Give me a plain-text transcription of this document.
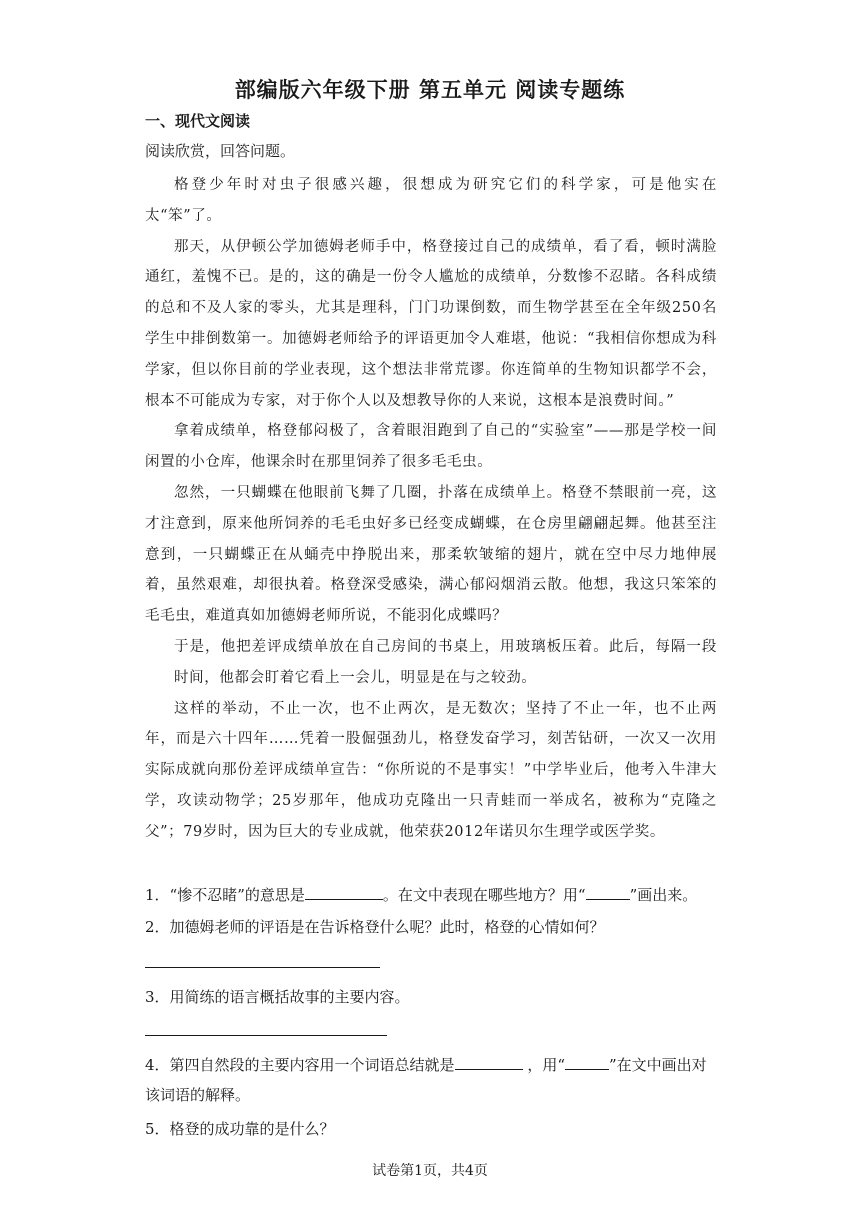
部编版六年级下册 第五单元 阅读专题练
一、现代文阅读
阅读欣赏，回答问题。

格登少年时对虫子很感兴趣，很想成为研究它们的科学家，可是他实在太“笨”了。

那天，从伊顿公学加德姆老师手中，格登接过自己的成绩单，看了看，顿时满脸通红，羞愧不已。是的，这的确是一份令人尴尬的成绩单，分数惨不忍睹。各科成绩的总和不及人家的零头，尤其是理科，门门功课倒数，而生物学甚至在全年级250名学生中排倒数第一。加德姆老师给予的评语更加令人难堪，他说：“我相信你想成为科学家，但以你目前的学业表现，这个想法非常荒谬。你连简单的生物知识都学不会，根本不可能成为专家，对于你个人以及想教导你的人来说，这根本是浪费时间。”

拿着成绩单，格登郁闷极了，含着眼泪跑到了自己的“实验室”——那是学校一间闲置的小仓库，他课余时在那里饲养了很多毛毛虫。

忽然，一只蝴蝶在他眼前飞舞了几圈，扑落在成绩单上。格登不禁眼前一亮，这才注意到，原来他所饲养的毛毛虫好多已经变成蝴蝶，在仓房里翩翩起舞。他甚至注意到，一只蝴蝶正在从蛹壳中挣脱出来，那柔软皱缩的翅片，就在空中尽力地伸展着，虽然艰难，却很执着。格登深受感染，满心郁闷烟消云散。他想，我这只笨笨的毛毛虫，难道真如加德姆老师所说，不能羽化成蝶吗？

于是，他把差评成绩单放在自己房间的书桌上，用玻璃板压着。此后，每隔一段时间，他都会盯着它看上一会儿，明显是在与之较劲。

这样的举动，不止一次，也不止两次，是无数次；坚持了不止一年，也不止两年，而是六十四年……凭着一股倔强劲儿，格登发奋学习，刻苦钻研，一次又一次用实际成就向那份差评成绩单宣告：“你所说的不是事实！”中学毕业后，他考入牛津大学，攻读动物学；25岁那年，他成功克隆出一只青蛙而一举成名，被称为“克隆之父”；79岁时，因为巨大的专业成就，他荣获2012年诺贝尔生理学或医学奖。

1．“惨不忍睹”的意思是	。在文中表现在哪些地方？用“	”画出来。
2．加德姆老师的评语是在告诉格登什么呢？此时，格登的心情如何？
3．用简练的语言概括故事的主要内容。
4．第四自然段的主要内容用一个词语总结就是	，用“	”在文中画出对
该词语的解释。
5．格登的成功靠的是什么？
试卷第1页，共4页
